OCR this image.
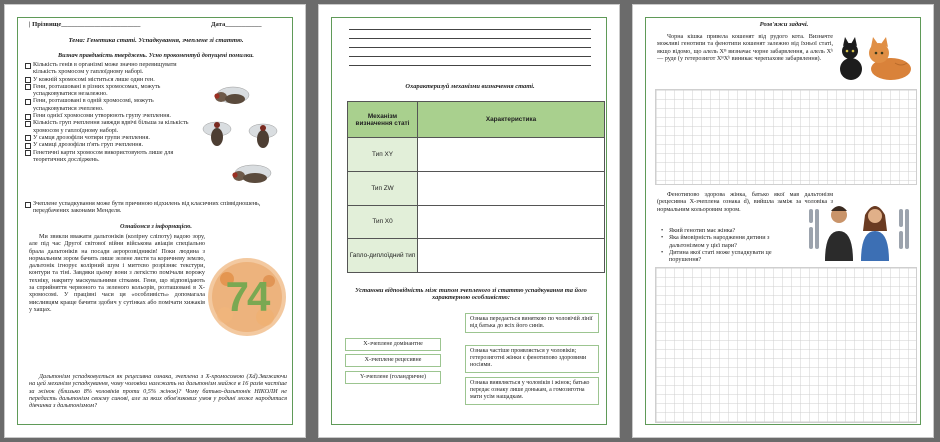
| Прізвище________________________	Дата___________
Тема: Генетика статі. Успадкування, зчеплене зі статтю.
Визнач правдивість тверджень. Усно прокоментуй допущені помилки.
Кількість генів в організмі може значно перевищувати кількість хромосом у гаплоїдному наборі.
У кожній хромосомі міститься лише один ген.
Гени, розташовані в різних хромосомах, можуть успадковуватися незалежно.
Гени, розташовані в одній хромосомі, можуть успадковуватися зчеплено.
Гени однієї хромосоми утворюють групу зчеплення.
Кількість груп зчеплення завжди вдвічі більша за кількість хромосом у гаплоїдному наборі.
У самця дрозофіли чотири групи зчеплення.
У самиці дрозофіли п'ять груп зчеплення.
Генетичні карти хромосом використовують лише для теоретичних досліджень.
Зчеплене успадкування може бути причиною відхилень від класичних співвідношень, передбачених законами Менделя.
Ознайомся з інформацією.
Ми звикли вважати дальтоніків (колірну сліпоту) вадою зору, але під час Другої світової війни військова авіація спеціально брала дальтоніків на посади аеророзвідників! Поки людина з нормальним зором бачить лише зелене листя та коричневу землю, дальтонік ігнорує колірний шум і миттєво розрізняє текстури, контури та тіні. Завдяки цьому вони з легкістю помічали ворожу техніку, накриту маскувальними сітками. Гени, що відповідають за сприйняття червоного та зеленого кольорів, розташовані в Х-хромосомі. У працівні часи ця «особливість» допомагала мисливцям краще бачити здобич у сутінках або помічати хижаків у хащах.	74
Дальтонізм успадковується як рецесивна ознака, зчеплена з Х-хромосомою (Хd).Зважаючи на цей механізм успадкування, чому чоловіки належать на дальтонізм майже в 16 разів частіше за жінок (близько 8% чоловіків проти 0,5% жінок)? Чому батько-дальтонік НІКОЛИ не передасть дальтонізм своєму синові, але за яких обов'язкових умов у родині може народитися дівчинка з дальтонізмом?
Охарактеризуй механізми визначення статі.
Механізм визначення статі	Характеристика
Тип XY	
Тип ZW	
Тип X0	
Гапло-диплоїдний тип	
Установи відповідність між типом зчепленого зі статтю успадкування та його характерною особливістю:
Х-зчеплене домінантне
Х-зчеплене рецесивне
Y-зчеплене (голандричне)
Ознака передається виняткою по чоловічій лінії від батька до всіх його синів.
Ознака частіше проявляється у чоловіків; гетерозиготні жінки є фенотипово здоровими носіями.
Ознака виявляється у чоловіків і жінок; батько передає ознаку лише донькам, а гомозиготна мати усім нащадкам.
Розв'яжи задачі.
Чорна кішка привела кошенят від рудого кота. Визначте можливі генотипи та фенотипи кошенят залежно від їхньої статі, якщо відомо, що алель Xᴮ визначає чорне забарвлення, а алель Xᵇ — руде (у гетерозигот XᴮXᵇ виникає черепахове забарвлення).
Фенотипово здорова жінка, батько якої мав дальтонізм (рецесивна Х-зчеплена ознака d), вийшла заміж за чоловіка з нормальним кольоровим зором.
• Який генотип має жінка?
• Яка ймовірність народження дитини з дальтонізмом у цієї пари?
• Дитина якої статі може успадкувати це порушення?
